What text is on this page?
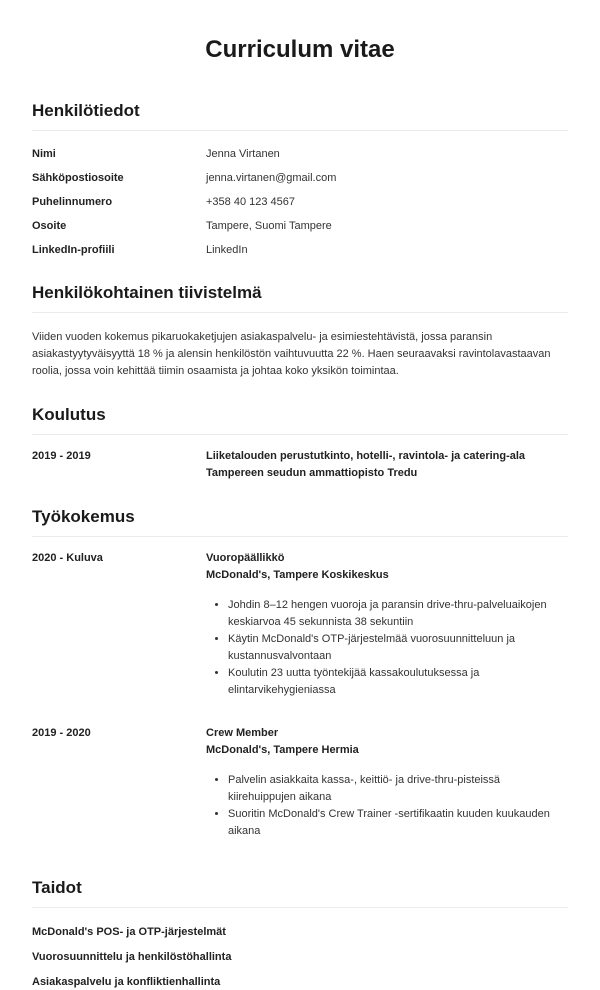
Curriculum vitae
Henkilötiedot
Nimi	Jenna Virtanen
Sähköpostiosoite	jenna.virtanen@gmail.com
Puhelinnumero	+358 40 123 4567
Osoite	Tampere, Suomi Tampere
LinkedIn-profiili	LinkedIn
Henkilökohtainen tiivistelmä

Viiden vuoden kokemus pikaruokaketjujen asiakaspalvelu- ja esimiestehtävistä, jossa paransin asiakastyytyväisyyttä 18 % ja alensin henkilöstön vaihtuvuutta 22 %. Haen seuraavaksi ravintolavastaavan roolia, jossa voin kehittää tiimin osaamista ja johtaa koko yksikön toimintaa.

Koulutus
2019 - 2019	Liiketalouden perustutkinto, hotelli-, ravintola- ja catering-ala
Tampereen seudun ammattiopisto Tredu
Työkokemus
2020 - Kuluva	Vuoropäällikkö
McDonald's, Tampere Koskikeskus
• Johdin 8–12 hengen vuoroja ja paransin drive-thru-palveluaikojen keskiarvoa 45 sekunnista 38 sekuntiin
• Käytin McDonald's OTP-järjestelmää vuorosuunnitteluun ja kustannusvalvontaan
• Koulutin 23 uutta työntekijää kassakoulutuksessa ja elintarvikehygieniassa
2019 - 2020	Crew Member
McDonald's, Tampere Hermia
• Palvelin asiakkaita kassa-, keittiö- ja drive-thru-pisteissä kiirehuippujen aikana
• Suoritin McDonald's Crew Trainer -sertifikaatin kuuden kuukauden aikana
Taidot
McDonald's POS- ja OTP-järjestelmät
Vuorosuunnittelu ja henkilöstöhallinta
Asiakaspalvelu ja konfliktienhallinta
